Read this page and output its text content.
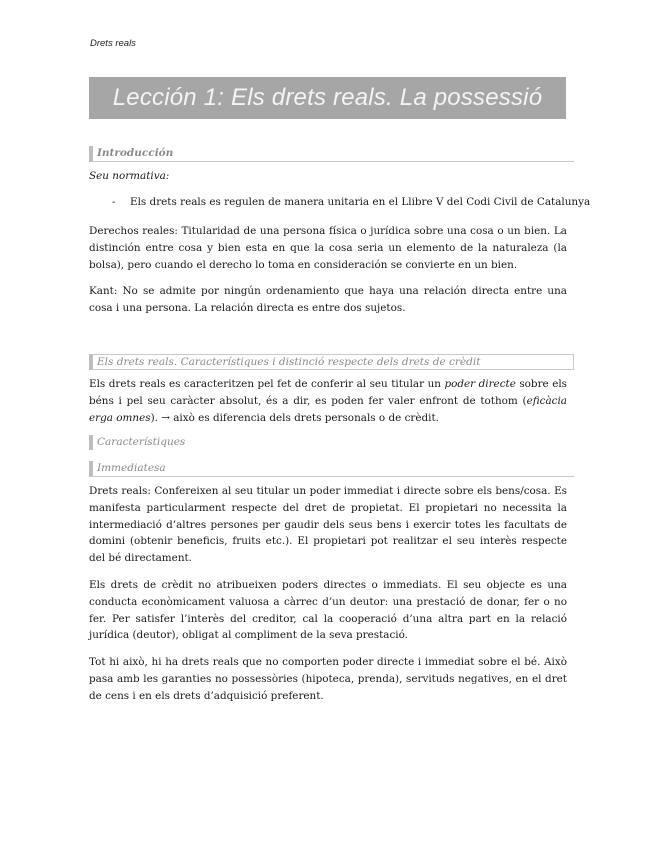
Drets reals
Lección 1: Els drets reals. La possessió
Introducción
Seu normativa:
- Els drets reals es regulen de manera unitaria en el Llibre V del Codi Civil de Catalunya
Derechos reales: Titularidad de una persona física o jurídica sobre una cosa o un bien. La distinción entre cosa y bien esta en que la cosa seria un elemento de la naturaleza (la bolsa), pero cuando el derecho lo toma en consideración se convierte en un bien.
Kant: No se admite por ningún ordenamiento que haya una relación directa entre una cosa i una persona. La relación directa es entre dos sujetos.
Els drets reals. Característiques i distinció respecte dels drets de crèdit
Els drets reals es caracteritzen pel fet de conferir al seu titular un poder directe sobre els béns i pel seu caràcter absolut, és a dir, es poden fer valer enfront de tothom (eficàcia erga omnes). → això es diferencia dels drets personals o de crèdit.
Característiques
Immediatesa
Drets reals: Confereixen al seu titular un poder immediat i directe sobre els bens/cosa. Es manifesta particularment respecte del dret de propietat. El propietari no necessita la intermediació d’altres persones per gaudir dels seus bens i exercir totes les facultats de domini (obtenir beneficis, fruits etc.). El propietari pot realitzar el seu interès respecte del bé directament.
Els drets de crèdit no atribueixen poders directes o immediats. El seu objecte es una conducta econòmicament valuosa a càrrec d’un deutor: una prestació de donar, fer o no fer. Per satisfer l’interès del creditor, cal la cooperació d’una altra part en la relació jurídica (deutor), obligat al compliment de la seva prestació.
Tot hi això, hi ha drets reals que no comporten poder directe i immediat sobre el bé. Això pasa amb les garanties no possessòries (hipoteca, prenda), servituds negatives, en el dret de cens i en els drets d’adquisició preferent.
